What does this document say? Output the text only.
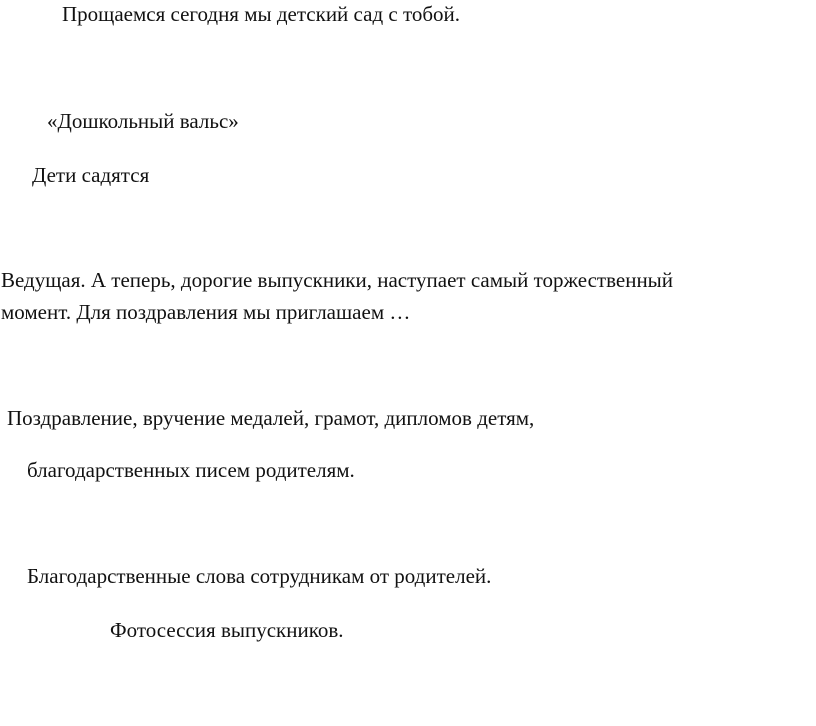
Прощаемся сегодня мы детский сад с тобой.

«Дошкольный вальс»

Дети садятся

Ведущая. А теперь, дорогие выпускники, наступает самый торжественный
момент. Для поздравления мы приглашаем …

Поздравление, вручение медалей, грамот, дипломов детям,

благодарственных писем родителям.

Благодарственные слова сотрудникам от родителей.

Фотосессия выпускников.
